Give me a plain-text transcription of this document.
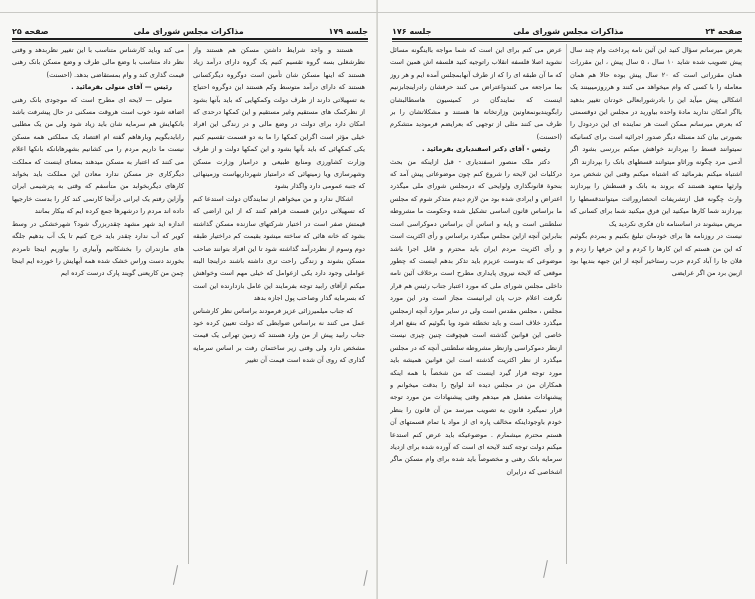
جلسه ۱۷۹
مذاکرات مجلس شورای ملی
صفحه ۲۵

هستند و واجد شرایط داشتن مسکن هم هستند واز نظرشغلی بسه گروه تقسیم کنیم یک گروه دارای درآمد زیاد هستند که اینها مسکن شان تأمین است دوگروه دیگرکسانی هستند که دارای درآمد متوسط وکم هستند این دوگروه احتیاج به تسهیلاتی دارند از طرف دولت وکمکهایی که باید بآنها بشود از نظرکمک های مستقیم وغیر مستقیم و این کمکها درحدی که امکان دارد برای دولت در وضع مالی و در زندگی این افراد خیلی مؤثر است اگراین کمکها را ما به دو قسمت تقسیم کنیم یکی کمکهائی که باید بآنها بشود و این کمکها دولت و از طرف وزارت کشاورزی ومنابع طبیعی و درامیاز وزارت مسکن وشهرسازی ویا زمینهائی که درامتیاز شهرداریهاست وزمینهائی که جنبه عمومی دارد واگذار بشود

اشکال ندارد و من میخواهم از نمایندگان دولت استدعا کنم که تسهیلاتی دراین قسمت فراهم کنند که از این اراضی که قیمتش صفر است در اختیار شرکتهای سازنده مسکن گذاشته بشود که خانه هائی که ساخته میشود بقیمت کم دراختیار طبقه دوم وسوم از نظردرآمد گذاشته شود تا این افراد بتوانند صاحب مسکن بشوند و زندگی راحت تری داشته باشند دراینجا البته عواملی وجود دارد یکی ازعوامل که خیلی مهم است وخواهش میکنم ازآقای رابید توجه بفرمایند این عامل بازدارنده این است که بسرمایه گذار وصاحب پول اجازه بدهد

که جناب میلمیرزائی عزیز فرمودند براساس نظر کارشناس عمل می کنند نه براساس ضوابطی که دولت تعیین کرده خود جناب رابید پیش از من وارد هستند که زمین تهرانی یک قیمت مشخص دارد ولی وقتی زیر ساختمان رفت بر اساس سرمایه گذاری که روی آن شده است قیمت آن تغییر

می کند وباید کارشناس متناسب با این تغییر نظربدهد و وقتی نظر داد متناسب با وضع مالی طرف و وضع مسکن بانک رهنی قیمت گذاری کند و وام بمستقاضی بدهد. (احسنت)

رئیس — آقای متولی بفرمائید .

متولی — لایحه ای مطرح است که موجودی بانک رهنی اضافه شود خوب است هروقت مسکنی در حال پیشرفت باشد بانکهایش هم سرمایه شان باید زیاد شود ولی من یک مطلبی رابایدبگویم وبارهاهم گفته ام اقتصاد یک مملکتی همه مسکن نیست ما داریم مردم را می کشانیم بشهرهابانکه بانکها اعلام می کنند که اعتبار به مسکن میدهند بمعنای اینست که مملکت دیگرکاری جز مسکن ندارد معادن این مملکت باید بخوابد کارهای دیگربخوابد من متأسفم که وقتی به پترشیمی ایران وآزاین رفتم یک ایرانی درآنجا کارنمی کند کار را بدست خارجیها داده اند مردم را درشهرها جمع کرده ایم که بیکار بمانند

اندازه اید شهر مشهد چقدربزرگ شود؟ شهرخشکی در وسط کویر که آب ندارد چقدر باید خرج کنیم تا یک آب بدهیم جلگه های مازندران را بخشکانیم وآبیاری را بیاوریم اینجا تامردم بخورند دست وراس خشک شده همه آبهایش را خورده ایم اینجا چمن من کاریعنی گویند پارک درست کرده ایم

صفحه ۲۴
مذاکرات مجلس شورای ملی
جلسه ۱۷۶

بعرض میرسانم سؤال کنید این آئین نامه پرداخت وام چند سال پیش تصویب شده شاید ۱۰ سال ، ۵ سال پیش ، این مقررات همان مقرراتی است که ۲۰ سال پیش بوده حالا هم همان معامله را با کسی که وام میخواهد می کنند و هرروزمیبینند یک اشکالی پیش میآید این را بادرشورابعالی خودتان تغییر بدهید بااگر امکان ندارید مادة واحده بیاورید در مجلس این دوقسمتی که بعرض میرسانم ممکن است هر نماینده ای این دردودل را بصورتی بیان کند مسئله دیگر صدور اجرائیه است برای کسانیکه نمیتوانند قسط را بپردازند خواهش میکنم بررسی بشود اگر آدمی مرد چگونه وراثاو میتوانند قسطهای بانک را بپردازند اگر اشتباه میکنم بفرمائید که اشتباه میکنم وقتی این شخص مرد وارثها متعهد هستند که بروند به بانک و قسطش را بپردازند وارث چگونه قبل ازتشریفات انحصاروراثت میتوانندقسطها را بپردازند شما کارها میکنید این فرق میکنید شما برای کسانی که مریض میشوند در اساسنامه تان فکری نکردید یک

نیست در روزنامه ها برای خودمان تبلیغ بکنیم و بمردم بگوئیم که این من هستم که این کارها را کردم و این حرفها را زدم و فلان جا را آباد کردم حزب رستاخیز آنچه از این جبهه بندیها بود ازبین برد من اگر عرایضی

عرض می کنم برای این است که شما مواجه بااینگونه مسائل نشوید اصلا فلسفه انقلاب راتوجیه کنید فلسفه اش همین است که ما آن طبقه ای را که از طرف آنهابمجلس آمده ایم و هر روز بما مراجعه می کنندواعتراض می کنند حرفشان رادراینجابزنیم اینست که نمایندگان در کمیسیون هاسطالبشان رابگویندبونمعاونین وزارتخانه ها هستند و مشکلاتشان را بر طرف می کنند مثلی از توجهی که بعرایضم فرمودید متشکرم (احسنت)

رئیس - آقای دکتر اسفندیاری بفرمائید .

دکتر ملک منصور اسفندیاری - قبل ازاینکه من بحث درکلیات این لایحه را شروع کنم چون موضوعاتی پیش آمد که بنحوة قانونگذاری ولوایحی که درمجلس شورای ملی میگذرد اعتراض و ایرادی شده بود من لازم دیدم متذکر شوم که مجلس ما براساس قانون اساسی تشکیل شده وحکومت ما مشروطه سلطنتی است و پایه و اساس آن براساس دموکراسی است بنابراین آنچه ازاین مجلس میگذرد براساس و رأی اکثریت است و رأی اکثریت مردم ایران باید محترم و قابل اجرا باشد موضوعی که بدوست عزیزم باید تذکر بدهم اینست که چطور موقعی که لایحه نیروی پایداری مطرح است برخلاف آئین نامه داخلی مجلس شورای ملی که مورد اعتبار جناب رئیس هم قرار نگرفت اعلام حزب پان ایرانیست مجاز است ودر این مورد مجلس ، مجلس مقدس است ولی در سایر موارد آنچه ازمجلس میگذرد خلاف است و باید تخطئه شود ویا بگوئیم که بنفع افراد خاصی این قوانین گذشته است هیچوقت چنین چیزی نیست ازنظر دموکراسی وازنظر مشروطه سلطنتی آنچه که در مجلس میگذرد از نظر اکثریت گذشته است این قوانین همیشه باید مورد توجه قرار گیرد اینست که من شخصاً با همه اینکه همکاران من در مجلس دیده اند لوایح را بدقت میخوانم و پیشنهادات مفصل هم میدهم وقتی پیشنهادات من مورد توجه قرار نمیگیرد قانون به تصویب میرسد من آن قانون را بنظر خودم باوجوداینکه مخالف پاره ای از مواد یا تمام قسمتهای آن هستم محترم میشمارم . موضوعیکه باید عرض کنم استدعا میکنم دولت توجه کنند لایحه ای است که آورده شده برای ازدیاد سرمایه بانک رهنی و مخصوصاً باید شده برای وام مسکن ماگر اشخاصی که درایران
